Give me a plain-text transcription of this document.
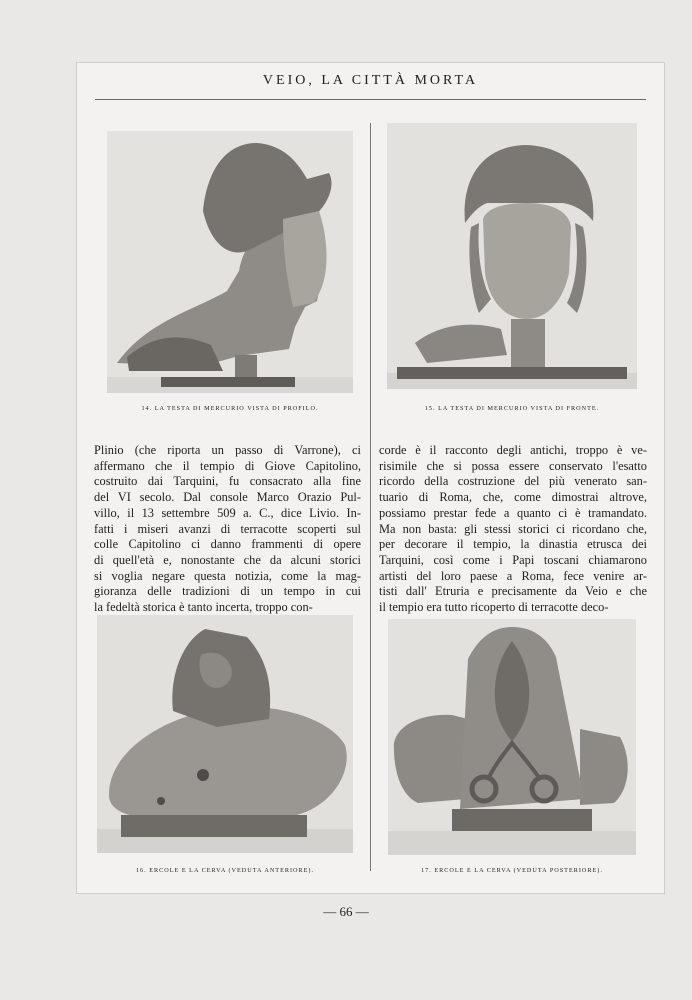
VEIO, LA CITTÀ MORTA
14. LA TESTA DI MERCURIO VISTA DI PROFILO.	15. LA TESTA DI MERCURIO VISTA DI FRONTE.
Plinio (che riporta un passo di Varrone), ci
affermano che il tempio di Giove Capitolino,
costruito dai Tarquini, fu consacrato alla fine
del VI secolo. Dal console Marco Orazio Pul-
villo, il 13 settembre 509 a. C., dice Livio. In-
fatti i miseri avanzi di terracotte scoperti sul
colle Capitolino ci danno frammenti di opere
di quell'età e, nonostante che da alcuni storici
si voglia negare questa notizia, come la mag-
gioranza delle tradizioni di un tempo in cui
la fedeltà storica è tanto incerta, troppo con-
corde è il racconto degli antichi, troppo è ve-
risimile che si possa essere conservato l'esatto
ricordo della costruzione del più venerato san-
tuario di Roma, che, come dimostrai altrove,
possiamo prestar fede a quanto ci è tramandato.
Ma non basta: gli stessi storici ci ricordano che,
per decorare il tempio, la dinastia etrusca dei
Tarquini, così come i Papi toscani chiamarono
artisti del loro paese a Roma, fece venire ar-
tisti dall' Etruria e precisamente da Veio e che
il tempio era tutto ricoperto di terracotte deco-
16. ERCOLE E LA CERVA (VEDUTA ANTERIORE).	17. ERCOLE E LA CERVA (VEDUTA POSTERIORE).
— 66 —
